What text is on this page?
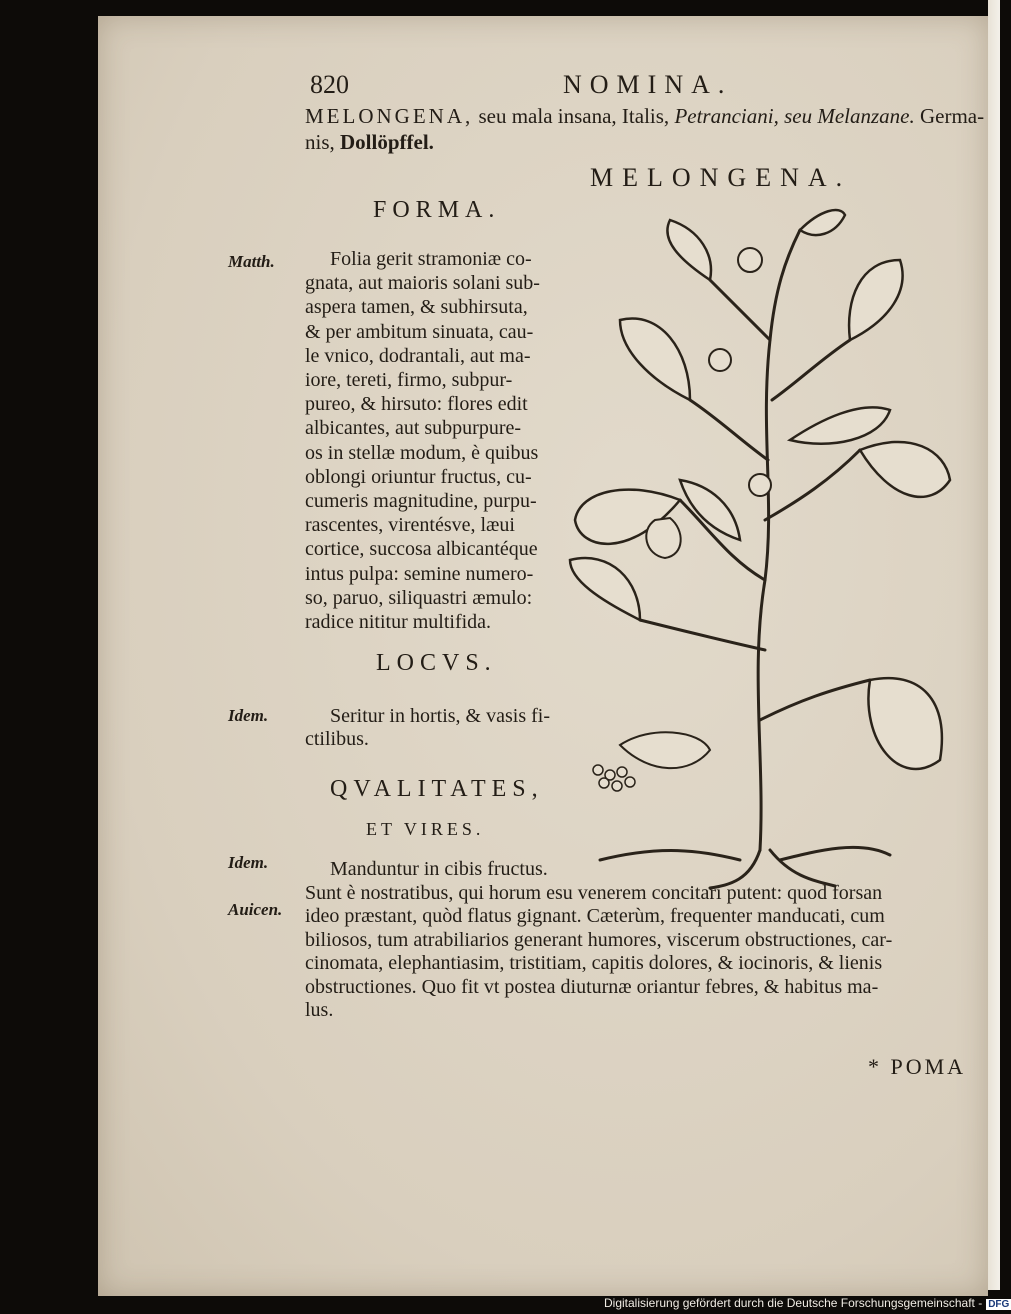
820	NOMINA.
MELONGENA, seu mala insana, Italis, Petranciani, seu Melanzane. Germa-
nis, Dollöpffel.
MELONGENA.
FORMA.
Matth.	Folia gerit stramoniæ co-
gnata, aut maioris solani sub-
aspera tamen, & subhirsuta,
& per ambitum sinuata, cau-
le vnico, dodrantali, aut ma-
iore, tereti, firmo, subpur-
pureo, & hirsuto: flores edit
albicantes, aut subpurpure-
os in stellæ modum, è quibus
oblongi oriuntur fructus, cu-
cumeris magnitudine, purpu-
rascentes, virentésve, læui
cortice, succosa albicantéque
intus pulpa: semine numero-
so, paruo, siliquastri æmulo:
radice nititur multifida.
LOCVS.
Idem.	Seritur in hortis, & vasis fi-
ctilibus.
QVALITATES,
ET VIRES.
Idem.
Auicen.
Manduntur in cibis fructus.
Sunt è nostratibus, qui horum esu venerem concitari putent: quod forsan
ideo præstant, quòd flatus gignant. Cæterùm, frequenter manducati, cum
biliosos, tum atrabiliarios generant humores, viscerum obstructiones, car-
cinomata, elephantiasim, tristitiam, capitis dolores, & iocinoris, & lienis
obstructiones. Quo fit vt postea diuturnæ oriantur febres, & habitus ma-
lus.
* POMA
Digitalisierung gefördert durch die Deutsche Forschungsgemeinschaft - DFG
